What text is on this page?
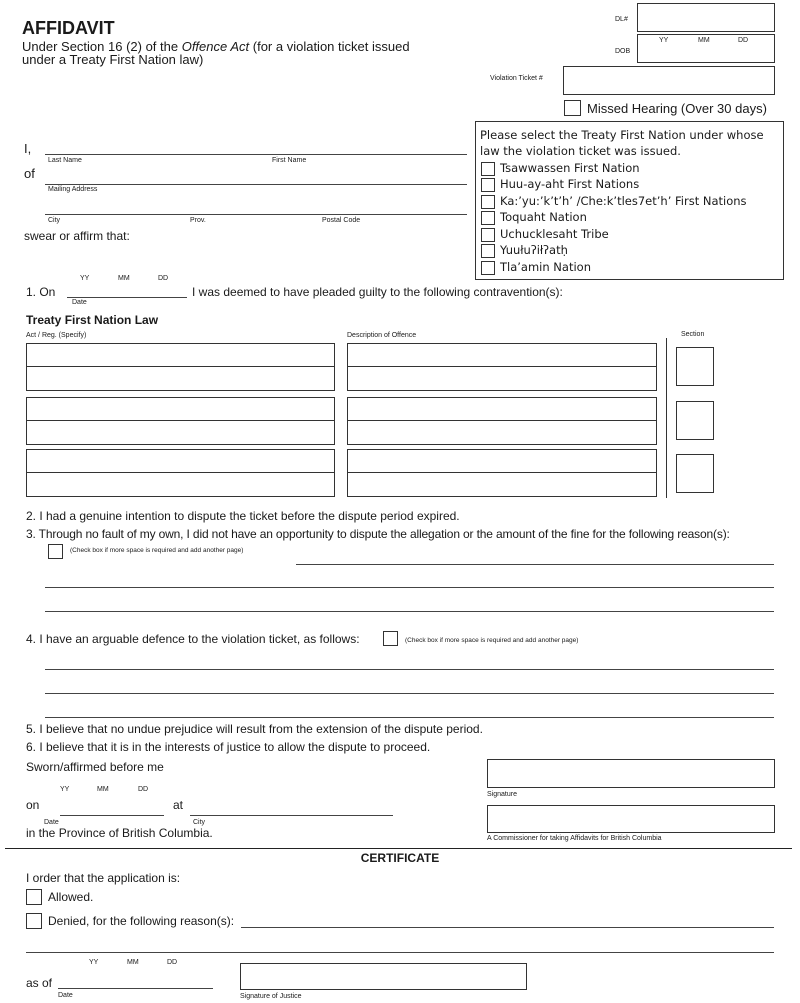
AFFIDAVIT
Under Section 16 (2) of the Offence Act (for a violation ticket issued
under a Treaty First Nation law)
DL#
DOB
YY	MM	DD
Violation Ticket #
Missed Hearing (Over 30 days)
Please select the Treaty First Nation under whose
law the violation ticket was issued.
Tsawwassen First Nation
Huu-ay-aht First Nations
Ka:’yu:’k’t’h’ /Che:k’tles7et’h’ First Nations
Toquaht Nation
Uchucklesaht Tribe
Yuułuʔiłʔatḥ
Tla’amin Nation
I,
Last Name	First Name
of
Mailing Address
City	Prov.	Postal Code
swear or affirm that:
YY	MM	DD
1. On
Date
I was deemed to have pleaded guilty to the following contravention(s):
Treaty First Nation Law
Act / Reg. (Specify)	Description of Offence	Section
2. I had a genuine intention to dispute the ticket before the dispute period expired.
3. Through no fault of my own, I did not have an opportunity to dispute the allegation or the amount of the fine for the following reason(s):
(Check box if more space is required and add another page)
4. I have an arguable defence to the violation ticket, as follows:	(Check box if more space is required and add another page)
5. I believe that no undue prejudice will result from the extension of the dispute period.
6. I believe that it is in the interests of justice to allow the dispute to proceed.
Sworn/affirmed before me
Signature
YY	MM	DD
on
Date
at
City
in the Province of British Columbia.	A Commissioner for taking Affidavits for British Columbia
CERTIFICATE
I order that the application is:
Allowed.
Denied, for the following reason(s):
YY	MM	DD
as of
Date	Signature of Justice
